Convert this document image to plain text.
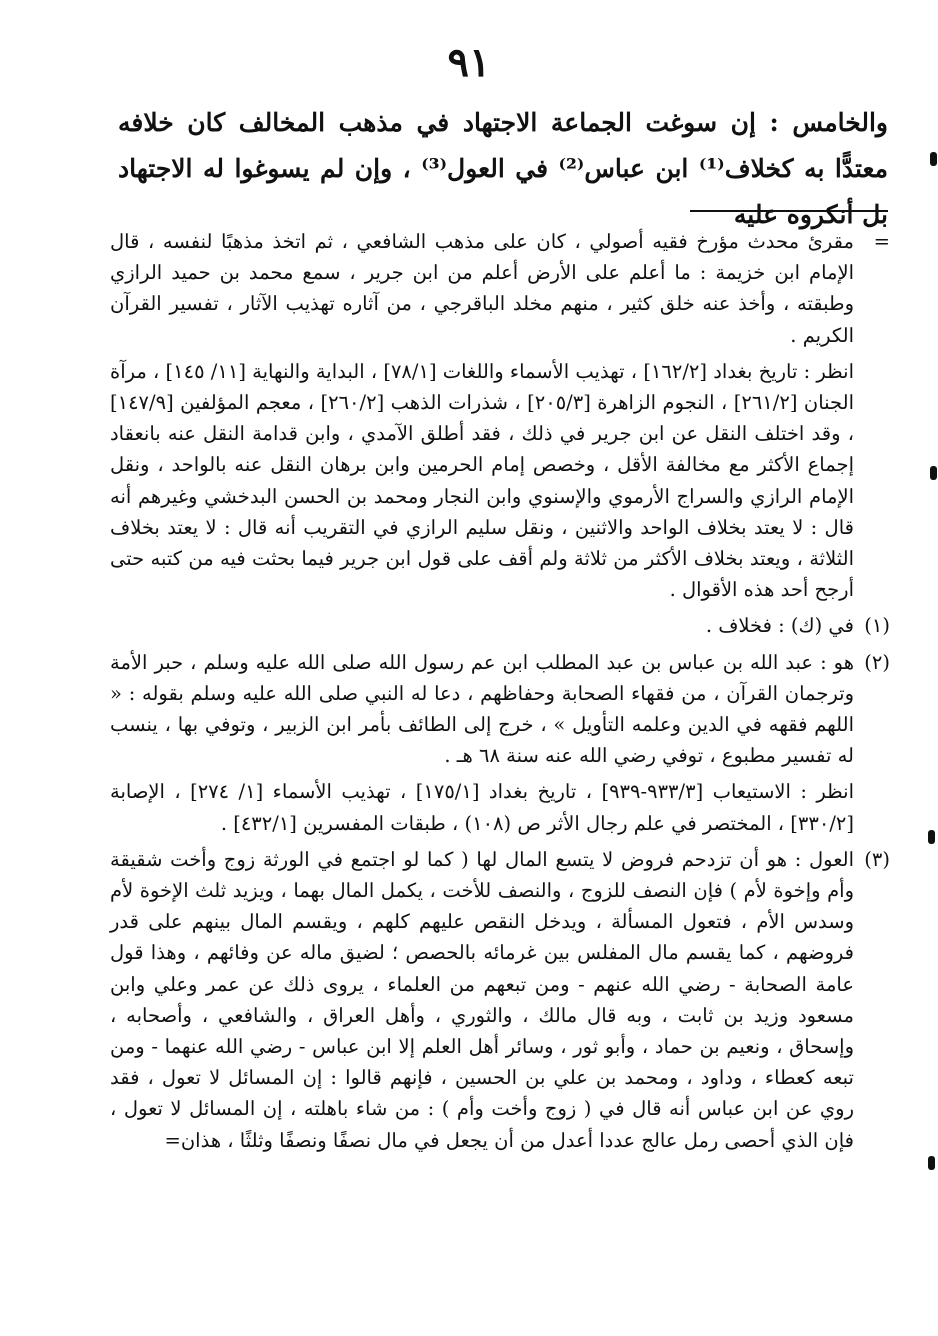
٩١
والخامس : إن سوغت الجماعة الاجتهاد في مذهب المخالف كان خلافه معتدًّا به كخلاف⁽¹⁾ ابن عباس⁽²⁾ في العول⁽³⁾ ، وإن لم يسوغوا له الاجتهاد بل أنكروه عليه
=

مقرئ محدث مؤرخ فقيه أصولي ، كان على مذهب الشافعي ، ثم اتخذ مذهبًا لنفسه ، قال الإمام ابن خزيمة : ما أعلم على الأرض أعلم من ابن جرير ، سمع محمد بن حميد الرازي وطبقته ، وأخذ عنه خلق كثير ، منهم مخلد الباقرجي ، من آثاره تهذيب الآثار ، تفسير القرآن الكريم .

انظر : تاريخ بغداد [١٦٢/٢] ، تهذيب الأسماء واللغات [٧٨/١] ، البداية والنهاية [١١/ ١٤٥] ، مرآة الجنان [٢٦١/٢] ، النجوم الزاهرة [٢٠٥/٣] ، شذرات الذهب [٢٦٠/٢] ، معجم المؤلفين [١٤٧/٩] ، وقد اختلف النقل عن ابن جرير في ذلك ، فقد أطلق الآمدي ، وابن قدامة النقل عنه بانعقاد إجماع الأكثر مع مخالفة الأقل ، وخصص إمام الحرمين وابن برهان النقل عنه بالواحد ، ونقل الإمام الرازي والسراج الأرموي والإسنوي وابن النجار ومحمد بن الحسن البدخشي وغيرهم أنه قال : لا يعتد بخلاف الواحد والاثنين ، ونقل سليم الرازي في التقريب أنه قال : لا يعتد بخلاف الثلاثة ، ويعتد بخلاف الأكثر من ثلاثة ولم أقف على قول ابن جرير فيما بحثت فيه من كتبه حتى أرجح أحد هذه الأقوال .

(١)

في (ك) : فخلاف .

(٢)

هو : عبد الله بن عباس بن عبد المطلب ابن عم رسول الله صلى الله عليه وسلم ، حبر الأمة وترجمان القرآن ، من فقهاء الصحابة وحفاظهم ، دعا له النبي صلى الله عليه وسلم بقوله : « اللهم فقهه في الدين وعلمه التأويل » ، خرج إلى الطائف بأمر ابن الزبير ، وتوفي بها ، ينسب له تفسير مطبوع ، توفي رضي الله عنه سنة ٦٨ هـ .

انظر : الاستيعاب [٩٣٣/٣-٩٣٩] ، تاريخ بغداد [١٧٥/١] ، تهذيب الأسماء [١/ ٢٧٤] ، الإصابة [٣٣٠/٢] ، المختصر في علم رجال الأثر ص (١٠٨) ، طبقات المفسرين [٤٣٢/١] .

(٣)

العول : هو أن تزدحم فروض لا يتسع المال لها ( كما لو اجتمع في الورثة زوج وأخت شقيقة وأم وإخوة لأم ) فإن النصف للزوج ، والنصف للأخت ، يكمل المال بهما ، ويزيد ثلث الإخوة لأم وسدس الأم ، فتعول المسألة ، ويدخل النقص عليهم كلهم ، ويقسم المال بينهم على قدر فروضهم ، كما يقسم مال المفلس بين غرمائه بالحصص ؛ لضيق ماله عن وفائهم ، وهذا قول عامة الصحابة - رضي الله عنهم - ومن تبعهم من العلماء ، يروى ذلك عن عمر وعلي وابن مسعود وزيد بن ثابت ، وبه قال مالك ، والثوري ، وأهل العراق ، والشافعي ، وأصحابه ، وإسحاق ، ونعيم بن حماد ، وأبو ثور ، وسائر أهل العلم إلا ابن عباس - رضي الله عنهما - ومن تبعه كعطاء ، وداود ، ومحمد بن علي بن الحسين ، فإنهم قالوا : إن المسائل لا تعول ، فقد روي عن ابن عباس أنه قال في ( زوج وأخت وأم ) : من شاء باهلته ، إن المسائل لا تعول ، فإن الذي أحصى رمل عالج عددا أعدل من أن يجعل في مال نصفًا ونصفًا وثلثًا ، هذان=
